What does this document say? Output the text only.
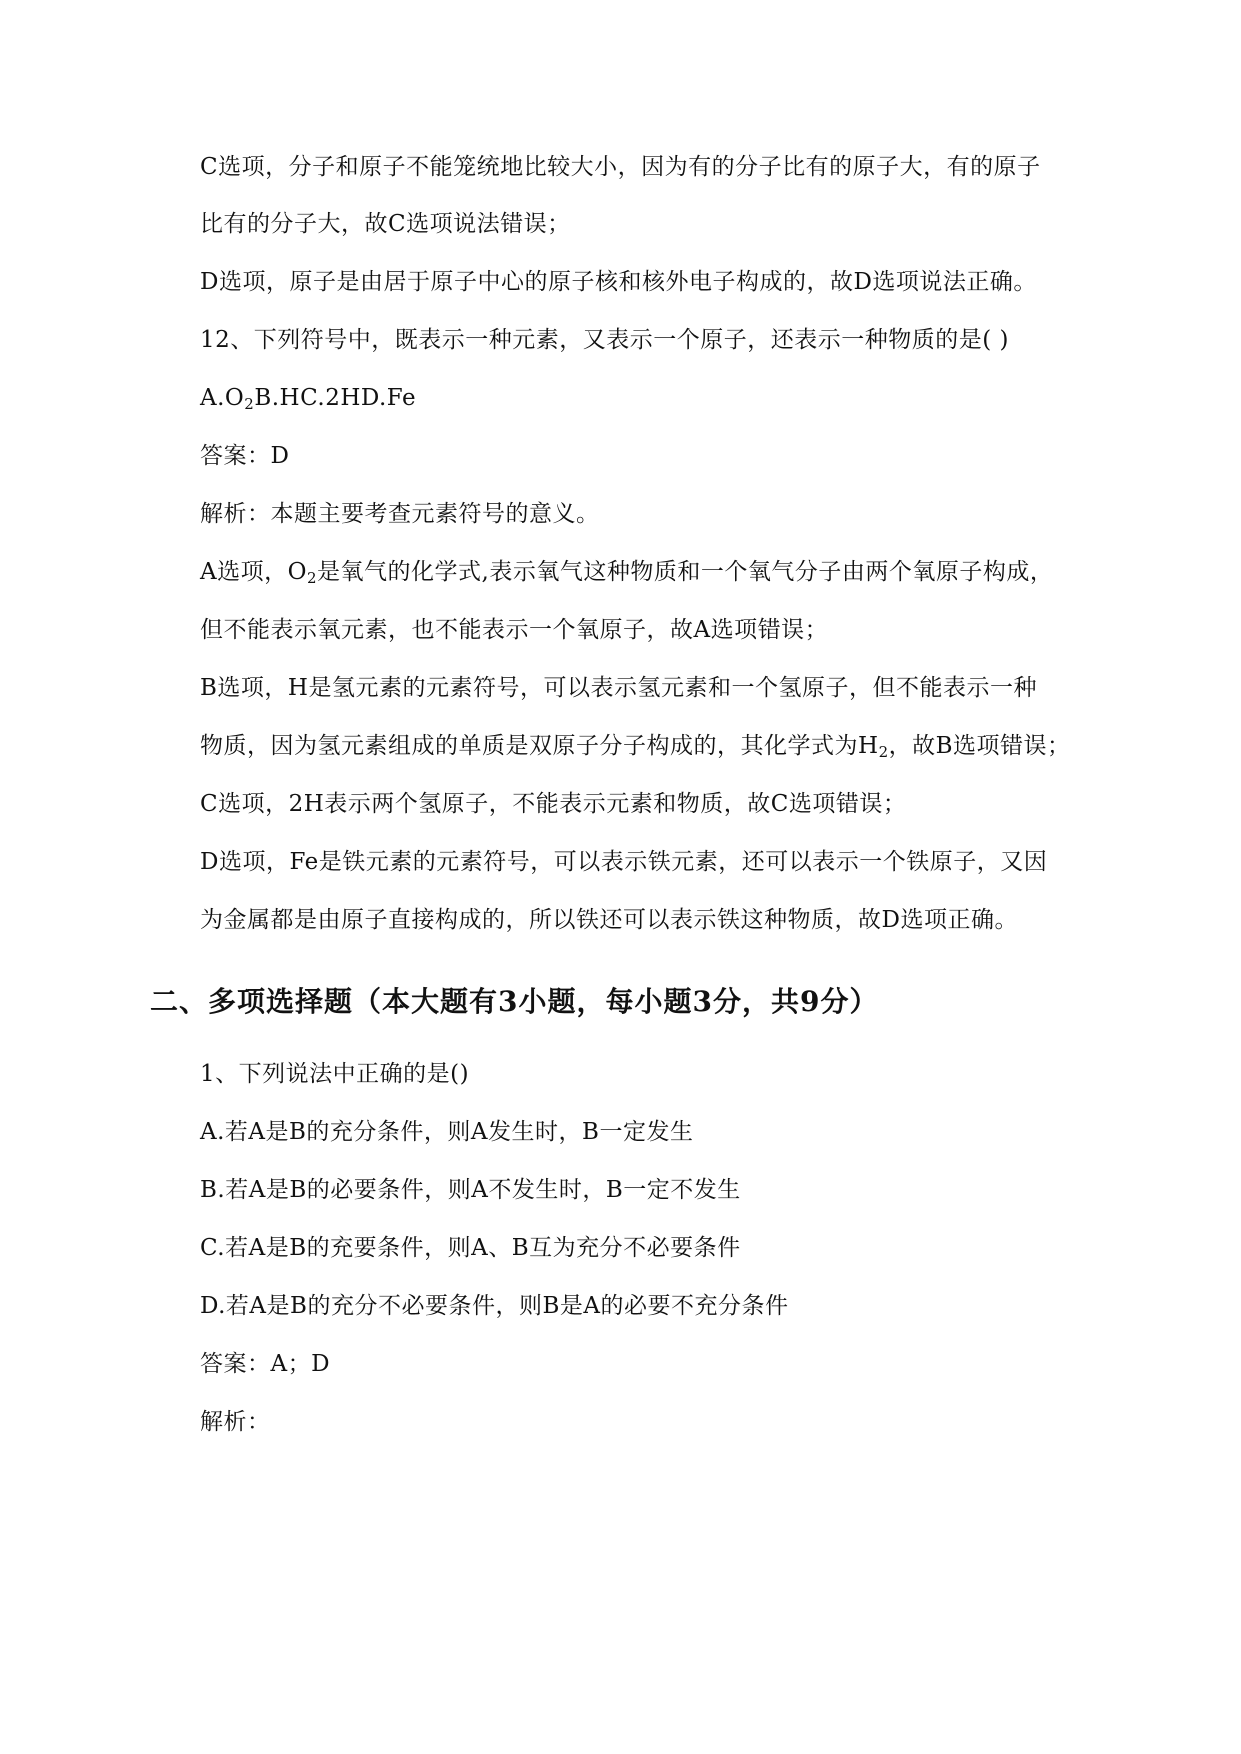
C选项，分子和原子不能笼统地比较大小，因为有的分子比有的原子大，有的原子
比有的分子大，故C选项说法错误；
D选项，原子是由居于原子中心的原子核和核外电子构成的，故D选项说法正确。
12、下列符号中，既表示一种元素，又表示一个原子，还表示一种物质的是( )
$A.O_2B.HC.2HD.Fe$
答案：D
解析：本题主要考查元素符号的意义。
A选项，$O_2$是氧气的化学式,表示氧气这种物质和一个氧气分子由两个氧原子构成，
但不能表示氧元素，也不能表示一个氧原子，故A选项错误；
B选项，H是氢元素的元素符号，可以表示氢元素和一个氢原子，但不能表示一种
物质，因为氢元素组成的单质是双原子分子构成的，其化学式为$H_2$，故B选项错误；
C选项，2H表示两个氢原子，不能表示元素和物质，故C选项错误；
D选项，Fe是铁元素的元素符号，可以表示铁元素，还可以表示一个铁原子，又因
为金属都是由原子直接构成的，所以铁还可以表示铁这种物质，故D选项正确。
二、多项选择题（本大题有3小题，每小题3分，共9分）
1、下列说法中正确的是()
A.若A是B的充分条件，则A发生时，B一定发生
B.若A是B的必要条件，则A不发生时，B一定不发生
C.若A是B的充要条件，则A、B互为充分不必要条件
D.若A是B的充分不必要条件，则B是A的必要不充分条件
答案：A；D
解析：
